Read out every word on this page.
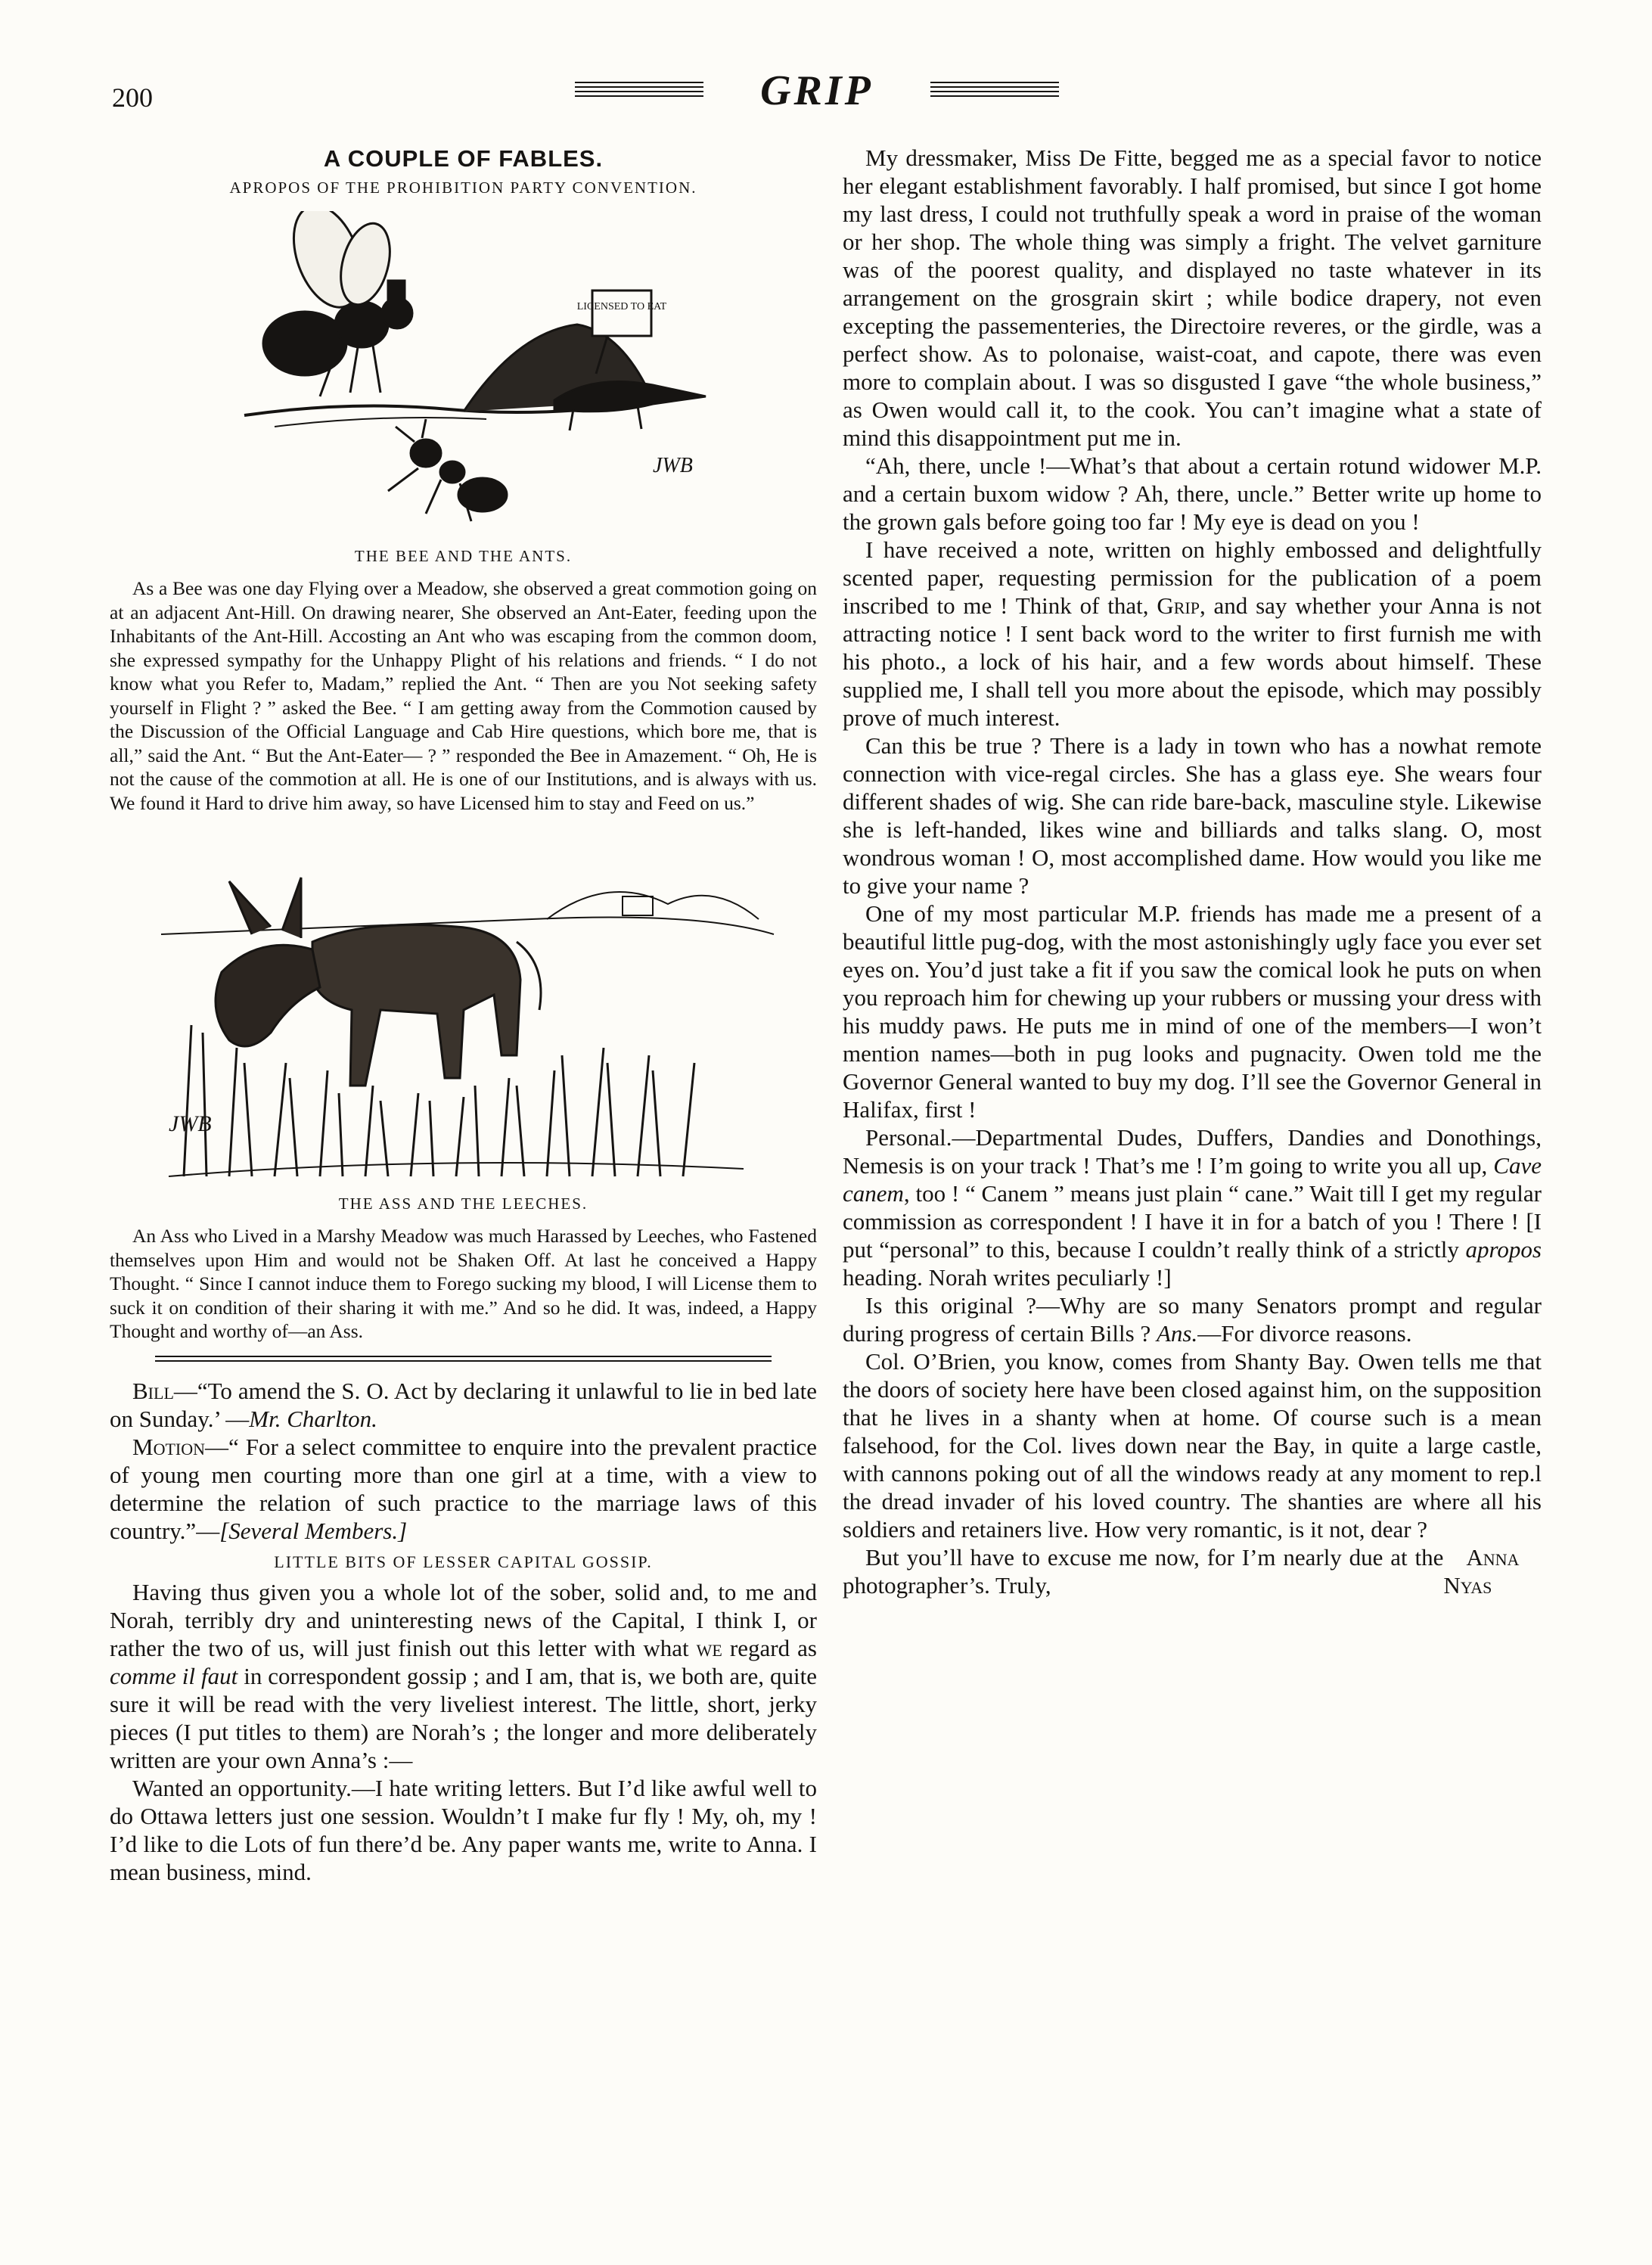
200	GRIP
A COUPLE OF FABLES.
APROPOS OF THE PROHIBITION PARTY CONVENTION.
LICENSED TO EAT
JWB
THE BEE AND THE ANTS.

As a Bee was one day Flying over a Meadow, she observed a great commotion going on at an adjacent Ant-Hill. On drawing nearer, She observed an Ant-Eater, feeding upon the Inhabitants of the Ant-Hill. Accosting an Ant who was escaping from the common doom, she expressed sympathy for the Unhappy Plight of his relations and friends. “ I do not know what you Refer to, Madam,” replied the Ant. “ Then are you Not seeking safety yourself in Flight ? ” asked the Bee. “ I am getting away from the Commotion caused by the Discussion of the Official Language and Cab Hire questions, which bore me, that is all,” said the Ant. “ But the Ant-Eater— ? ” responded the Bee in Amazement. “ Oh, He is not the cause of the commotion at all. He is one of our Institutions, and is always with us. We found it Hard to drive him away, so have Licensed him to stay and Feed on us.”

JWB
THE ASS AND THE LEECHES.

An Ass who Lived in a Marshy Meadow was much Harassed by Leeches, who Fastened themselves upon Him and would not be Shaken Off. At last he conceived a Happy Thought. “ Since I cannot induce them to Forego sucking my blood, I will License them to suck it on condition of their sharing it with me.” And so he did. It was, indeed, a Happy Thought and worthy of—an Ass.

Bill—“To amend the S. O. Act by declaring it unlawful to lie in bed late on Sunday.’ —Mr. Charlton.

Motion—“ For a select committee to enquire into the prevalent practice of young men courting more than one girl at a time, with a view to determine the relation of such practice to the marriage laws of this country.”—[Several Members.]

LITTLE BITS OF LESSER CAPITAL GOSSIP.

Having thus given you a whole lot of the sober, solid and, to me and Norah, terribly dry and uninteresting news of the Capital, I think I, or rather the two of us, will just finish out this letter with what we regard as comme il faut in correspondent gossip ; and I am, that is, we both are, quite sure it will be read with the very liveliest interest. The little, short, jerky pieces (I put titles to them) are Norah’s ; the longer and more deliberately written are your own Anna’s :—

Wanted an opportunity.—I hate writing letters. But I’d like awful well to do Ottawa letters just one session. Wouldn’t I make fur fly ! My, oh, my ! I’d like to die Lots of fun there’d be. Any paper wants me, write to Anna. I mean business, mind.

My dressmaker, Miss De Fitte, begged me as a special favor to notice her elegant establishment favorably. I half promised, but since I got home my last dress, I could not truthfully speak a word in praise of the woman or her shop. The whole thing was simply a fright. The velvet garniture was of the poorest quality, and displayed no taste whatever in its arrangement on the grosgrain skirt ; while bodice drapery, not even excepting the passementeries, the Directoire reveres, or the girdle, was a perfect show. As to polonaise, waist-coat, and capote, there was even more to complain about. I was so disgusted I gave “the whole business,” as Owen would call it, to the cook. You can’t imagine what a state of mind this disappointment put me in.

“Ah, there, uncle !—What’s that about a certain rotund widower M.P. and a certain buxom widow ? Ah, there, uncle.” Better write up home to the grown gals before going too far ! My eye is dead on you !

I have received a note, written on highly embossed and delightfully scented paper, requesting permission for the publication of a poem inscribed to me ! Think of that, Grip, and say whether your Anna is not attracting notice ! I sent back word to the writer to first furnish me with his photo., a lock of his hair, and a few words about himself. These supplied me, I shall tell you more about the episode, which may possibly prove of much interest.

Can this be true ? There is a lady in town who has a nowhat remote connection with vice-regal circles. She has a glass eye. She wears four different shades of wig. She can ride bare-back, masculine style. Likewise she is left-handed, likes wine and billiards and talks slang. O, most wondrous woman ! O, most accomplished dame. How would you like me to give your name ?

One of my most particular M.P. friends has made me a present of a beautiful little pug-dog, with the most astonishingly ugly face you ever set eyes on. You’d just take a fit if you saw the comical look he puts on when you reproach him for chewing up your rubbers or mussing your dress with his muddy paws. He puts me in mind of one of the members—I won’t mention names—both in pug looks and pugnacity. Owen told me the Governor General wanted to buy my dog. I’ll see the Governor General in Halifax, first !

Personal.—Departmental Dudes, Duffers, Dandies and Donothings, Nemesis is on your track ! That’s me ! I’m going to write you all up, Cave canem, too ! “ Canem ” means just plain “ cane.” Wait till I get my regular commission as correspondent ! I have it in for a batch of you ! There ! [I put “personal” to this, because I couldn’t really think of a strictly apropos heading. Norah writes peculiarly !]

Is this original ?—Why are so many Senators prompt and regular during progress of certain Bills ? Ans.—For divorce reasons.

Col. O’Brien, you know, comes from Shanty Bay. Owen tells me that the doors of society here have been closed against him, on the supposition that he lives in a shanty when at home. Of course such is a mean falsehood, for the Col. lives down near the Bay, in quite a large castle, with cannons poking out of all the windows ready at any moment to rep.l the dread invader of his loved country. The shanties are where all his soldiers and retainers live. How very romantic, is it not, dear ?

But you’ll have to excuse me now, for I’m nearly due at the photographer’s. Truly,
Anna Nyas
